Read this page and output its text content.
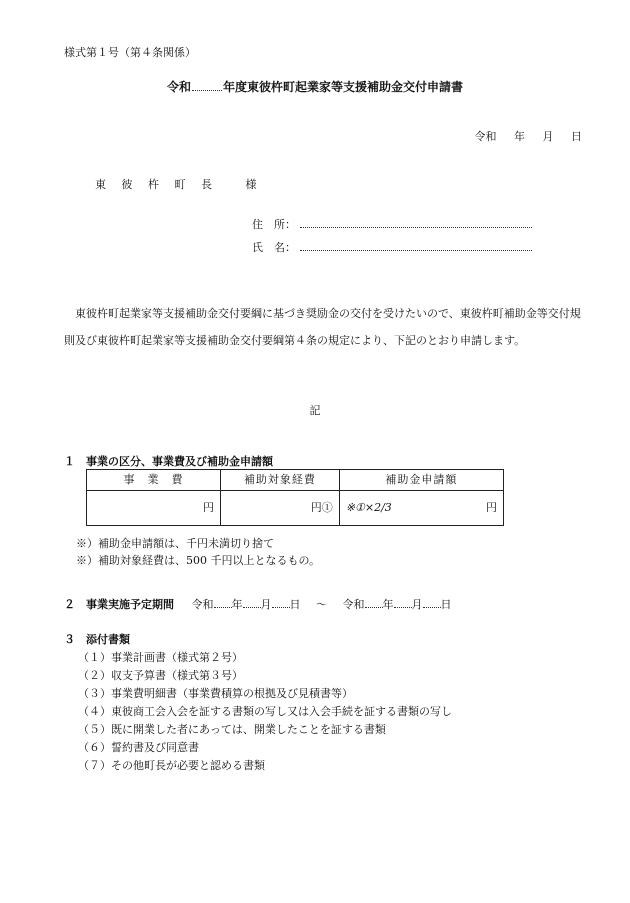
様式第１号（第４条関係）
令和	年度東彼杵町起業家等支援補助金交付申請書
令和 年 月 日
東 彼 杵 町 長	様
住　所：
氏　名：
東彼杵町起業家等支援補助金交付要綱に基づき奨励金の交付を受けたいので、東彼杵町補助金等交付規則及び東彼杵町起業家等支援補助金交付要綱第４条の規定により、下記のとおり申請します。
記
１　事業の区分、事業費及び補助金申請額
事　業　費	補助対象経費	補助金申請額
円	円①	※①×2/3 円
※）補助金申請額は、千円未満切り捨て
※）補助対象経費は、500 千円以上となるもの。
２　事業実施予定期間 令和 年 月 日 ～ 令和 年 月 日
３　添付書類
（１）事業計画書（様式第２号）
（２）収支予算書（様式第３号）
（３）事業費明細書（事業費積算の根拠及び見積書等）
（４）東彼商工会入会を証する書類の写し又は入会手続を証する書類の写し
（５）既に開業した者にあっては、開業したことを証する書類
（６）誓約書及び同意書
（７）その他町長が必要と認める書類
